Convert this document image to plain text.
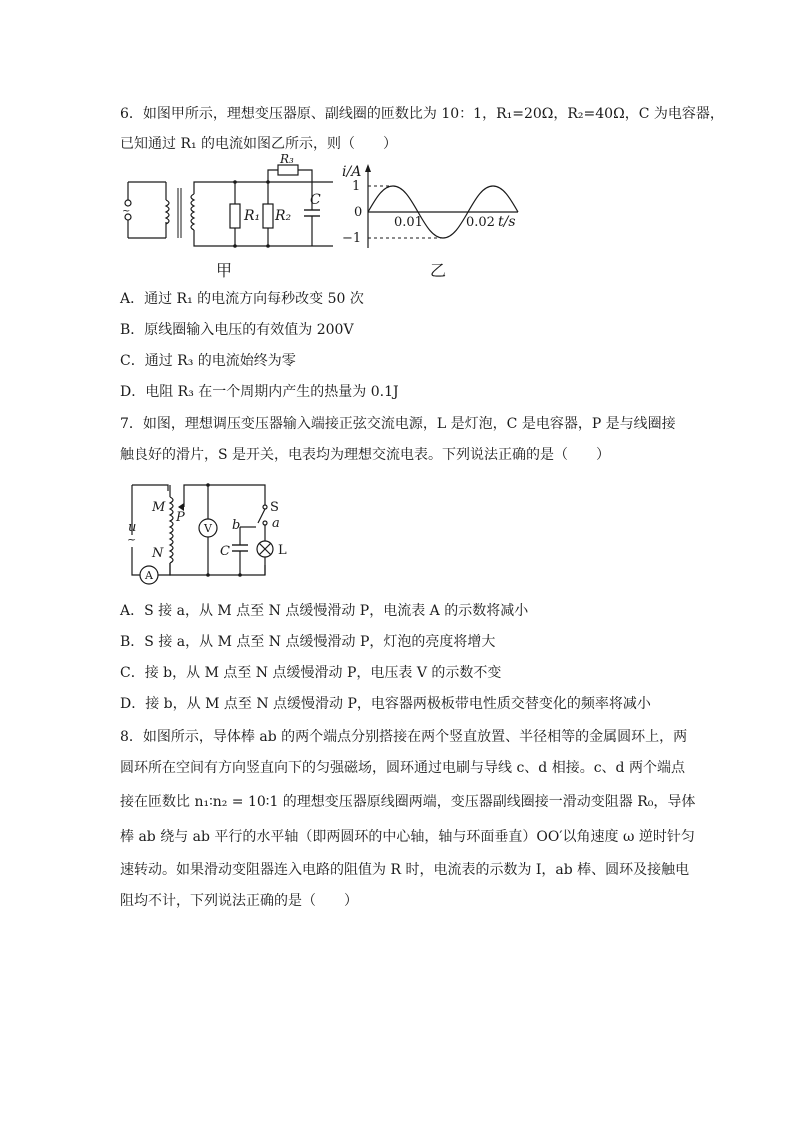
6．如图甲所示，理想变压器原、副线圈的匝数比为 10：1，R₁=20Ω，R₂=40Ω，C 为电容器，
已知通过 R₁ 的电流如图乙所示，则（　　）
~	R₁ R₂
R₃
C
甲
i/A
1
0
−1
0.01	0.02 t/s
乙
A．通过 R₁ 的电流方向每秒改变 50 次
B．原线圈输入电压的有效值为 200V
C．通过 R₃ 的电流始终为零
D．电阻 R₃ 在一个周期内产生的热量为 0.1J
7．如图，理想调压变压器输入端接正弦交流电源，L 是灯泡，C 是电容器，P 是与线圈接
触良好的滑片，S 是开关，电表均为理想交流电表。下列说法正确的是（　　）
M
P
N
u
~
V
A
S
b a
C	L
A．S 接 a，从 M 点至 N 点缓慢滑动 P，电流表 A 的示数将减小
B．S 接 a，从 M 点至 N 点缓慢滑动 P，灯泡的亮度将增大
C．接 b，从 M 点至 N 点缓慢滑动 P，电压表 V 的示数不变
D．接 b，从 M 点至 N 点缓慢滑动 P，电容器两极板带电性质交替变化的频率将减小
8．如图所示，导体棒 ab 的两个端点分别搭接在两个竖直放置、半径相等的金属圆环上，两
圆环所在空间有方向竖直向下的匀强磁场，圆环通过电刷与导线 c、d 相接。c、d 两个端点
接在匝数比 n₁∶n₂ = 10∶1 的理想变压器原线圈两端，变压器副线圈接一滑动变阻器 R₀，导体
棒 ab 绕与 ab 平行的水平轴（即两圆环的中心轴，轴与环面垂直）OO′以角速度 ω 逆时针匀
速转动。如果滑动变阻器连入电路的阻值为 R 时，电流表的示数为 I，ab 棒、圆环及接触电
阻均不计，下列说法正确的是（　　）
